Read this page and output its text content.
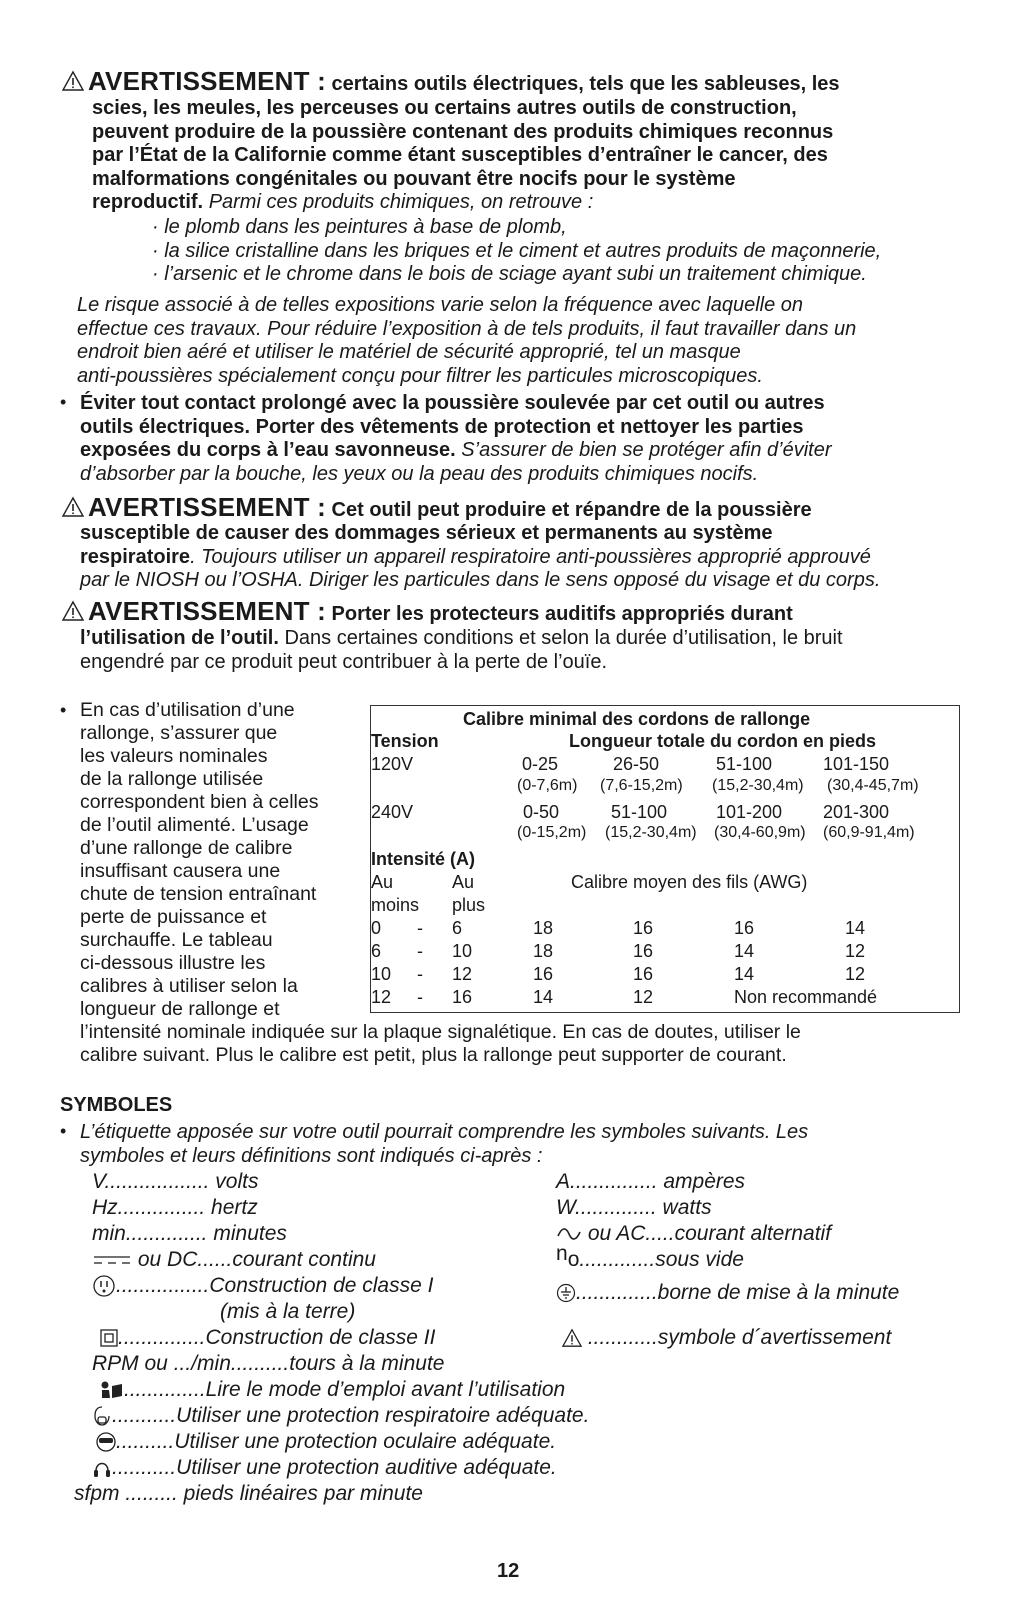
AVERTISSEMENT : certains outils électriques, tels que les sableuses, les
scies, les meules, les perceuses ou certains autres outils de construction,
peuvent produire de la poussière contenant des produits chimiques reconnus
par l’État de la Californie comme étant susceptibles d’entraîner le cancer, des
malformations congénitales ou pouvant être nocifs pour le système
reproductif. Parmi ces produits chimiques, on retrouve :
· le plomb dans les peintures à base de plomb,
· la silice cristalline dans les briques et le ciment et autres produits de maçonnerie,
· l’arsenic et le chrome dans le bois de sciage ayant subi un traitement chimique.
Le risque associé à de telles expositions varie selon la fréquence avec laquelle on
effectue ces travaux. Pour réduire l’exposition à de tels produits, il faut travailler dans un
endroit bien aéré et utiliser le matériel de sécurité approprié, tel un masque
anti-poussières spécialement conçu pour filtrer les particules microscopiques.
• Éviter tout contact prolongé avec la poussière soulevée par cet outil ou autres
outils électriques. Porter des vêtements de protection et nettoyer les parties
exposées du corps à l’eau savonneuse. S’assurer de bien se protéger afin d’éviter
d’absorber par la bouche, les yeux ou la peau des produits chimiques nocifs.
AVERTISSEMENT : Cet outil peut produire et répandre de la poussière
susceptible de causer des dommages sérieux et permanents au système
respiratoire. Toujours utiliser un appareil respiratoire anti-poussières approprié approuvé
par le NIOSH ou l’OSHA. Diriger les particules dans le sens opposé du visage et du corps.
AVERTISSEMENT : Porter les protecteurs auditifs appropriés durant
l’utilisation de l’outil. Dans certaines conditions et selon la durée d’utilisation, le bruit
engendré par ce produit peut contribuer à la perte de l’ouïe.
• En cas d’utilisation d’une
rallonge, s’assurer que
les valeurs nominales
de la rallonge utilisée
correspondent bien à celles
de l’outil alimenté. L’usage
d’une rallonge de calibre
insuffisant causera une
chute de tension entraînant
perte de puissance et
surchauffe. Le tableau
ci-dessous illustre les
calibres à utiliser selon la
longueur de rallonge et
l’intensité nominale indiquée sur la plaque signalétique. En cas de doutes, utiliser le
calibre suivant. Plus le calibre est petit, plus la rallonge peut supporter de courant.
Calibre minimal des cordons de rallonge
Tension	Longueur totale du cordon en pieds
120V	0-25	26-50	51-100	101-150
(0-7,6m) (7,6-15,2m) (15,2-30,4m) (30,4-45,7m)
240V	0-50	51-100	101-200 201-300
(0-15,2m) (15,2-30,4m) (30,4-60,9m) (60,9-91,4m)
Intensité (A)
Au	Au	Calibre moyen des fils (AWG)
moins plus
0 - 6	18	16	16	14
6 - 10	18	16	14	12
10 - 12	16	16	14	12
12 - 16	14	12	Non recommandé
SYMBOLES
• L’étiquette apposée sur votre outil pourrait comprendre les symboles suivants. Les
symboles et leurs définitions sont indiqués ci-après :
V.................. volts
Hz............... hertz
min.............. minutes
ou DC......courant continu
................Construction de classe I
(mis à la terre)
...............Construction de classe II
RPM ou .../min..........tours à la minute
..............Lire le mode d’emploi avant l’utilisation
...........Utiliser une protection respiratoire adéquate.
..........Utiliser une protection oculaire adéquate.
...........Utiliser une protection auditive adéquate.
sfpm ......... pieds linéaires par minute
A............... ampères
W.............. watts
ou AC.....courant alternatif
no.............sous vide
..............borne de mise à la minute
............symbole d´avertissement
12
